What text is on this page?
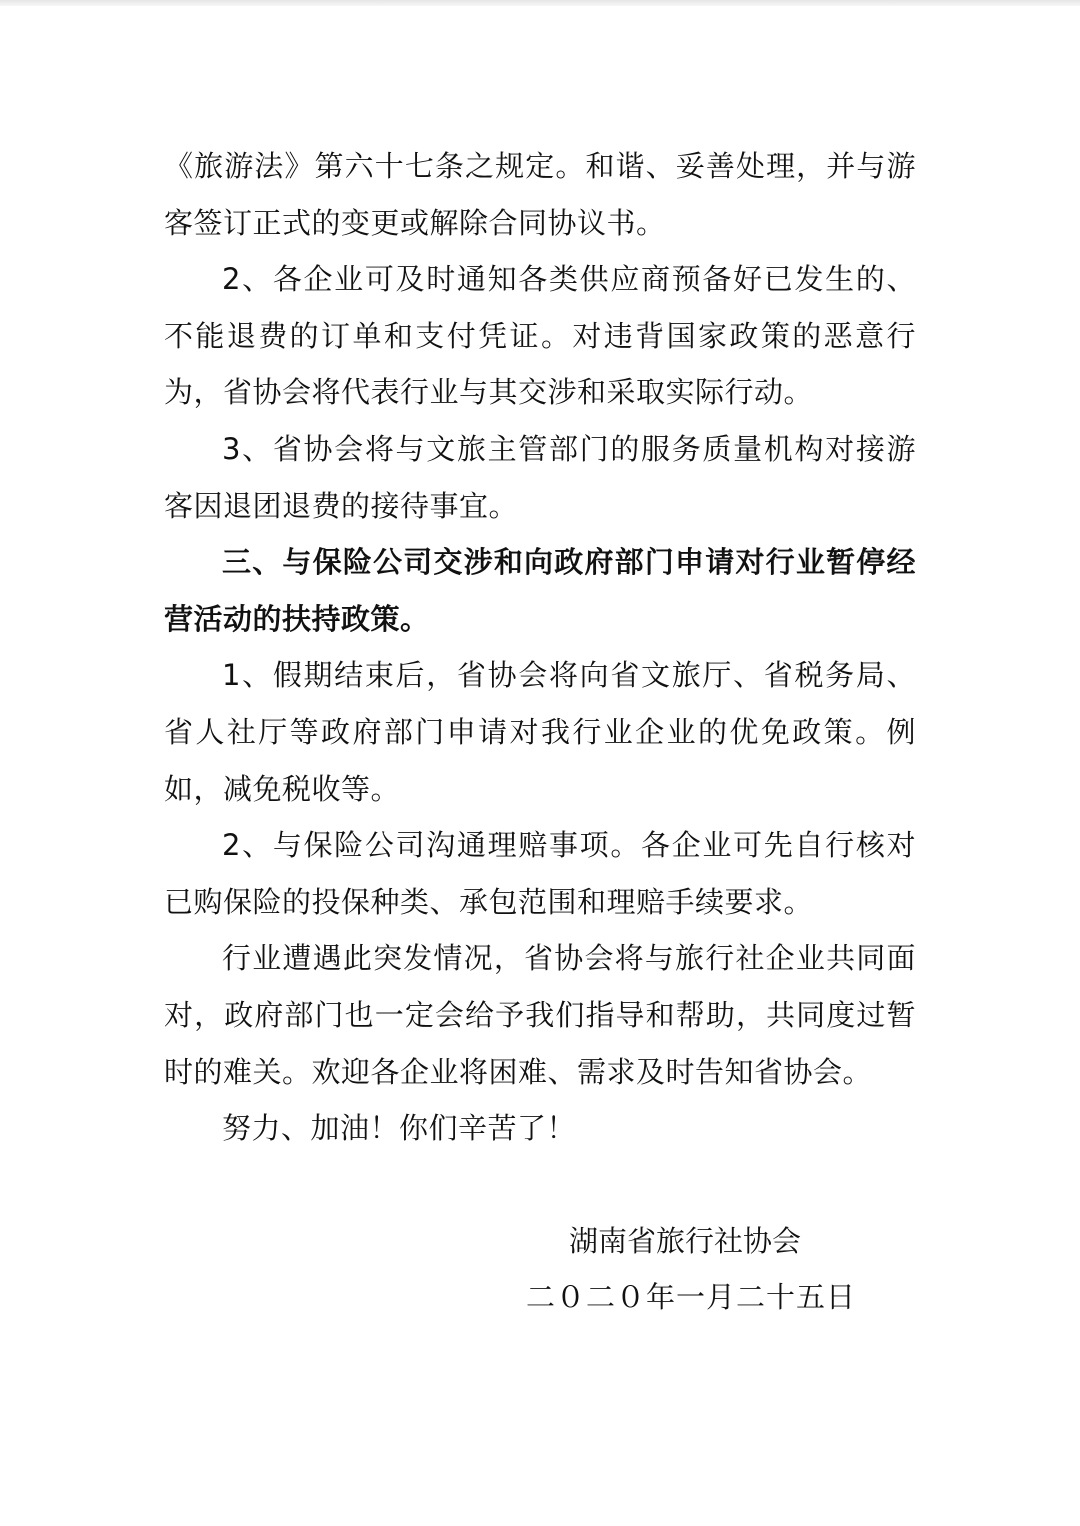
《旅游法》第六十七条之规定。和谐、妥善处理，并与游客签订正式的变更或解除合同协议书。

2、各企业可及时通知各类供应商预备好已发生的、不能退费的订单和支付凭证。对违背国家政策的恶意行为，省协会将代表行业与其交涉和采取实际行动。

3、省协会将与文旅主管部门的服务质量机构对接游客因退团退费的接待事宜。

三、与保险公司交涉和向政府部门申请对行业暂停经营活动的扶持政策。

1、假期结束后，省协会将向省文旅厅、省税务局、省人社厅等政府部门申请对我行业企业的优免政策。例如，减免税收等。

2、与保险公司沟通理赔事项。各企业可先自行核对已购保险的投保种类、承包范围和理赔手续要求。

行业遭遇此突发情况，省协会将与旅行社企业共同面对，政府部门也一定会给予我们指导和帮助，共同度过暂时的难关。欢迎各企业将困难、需求及时告知省协会。

努力、加油！你们辛苦了！

湖南省旅行社协会
二０二０年一月二十五日
